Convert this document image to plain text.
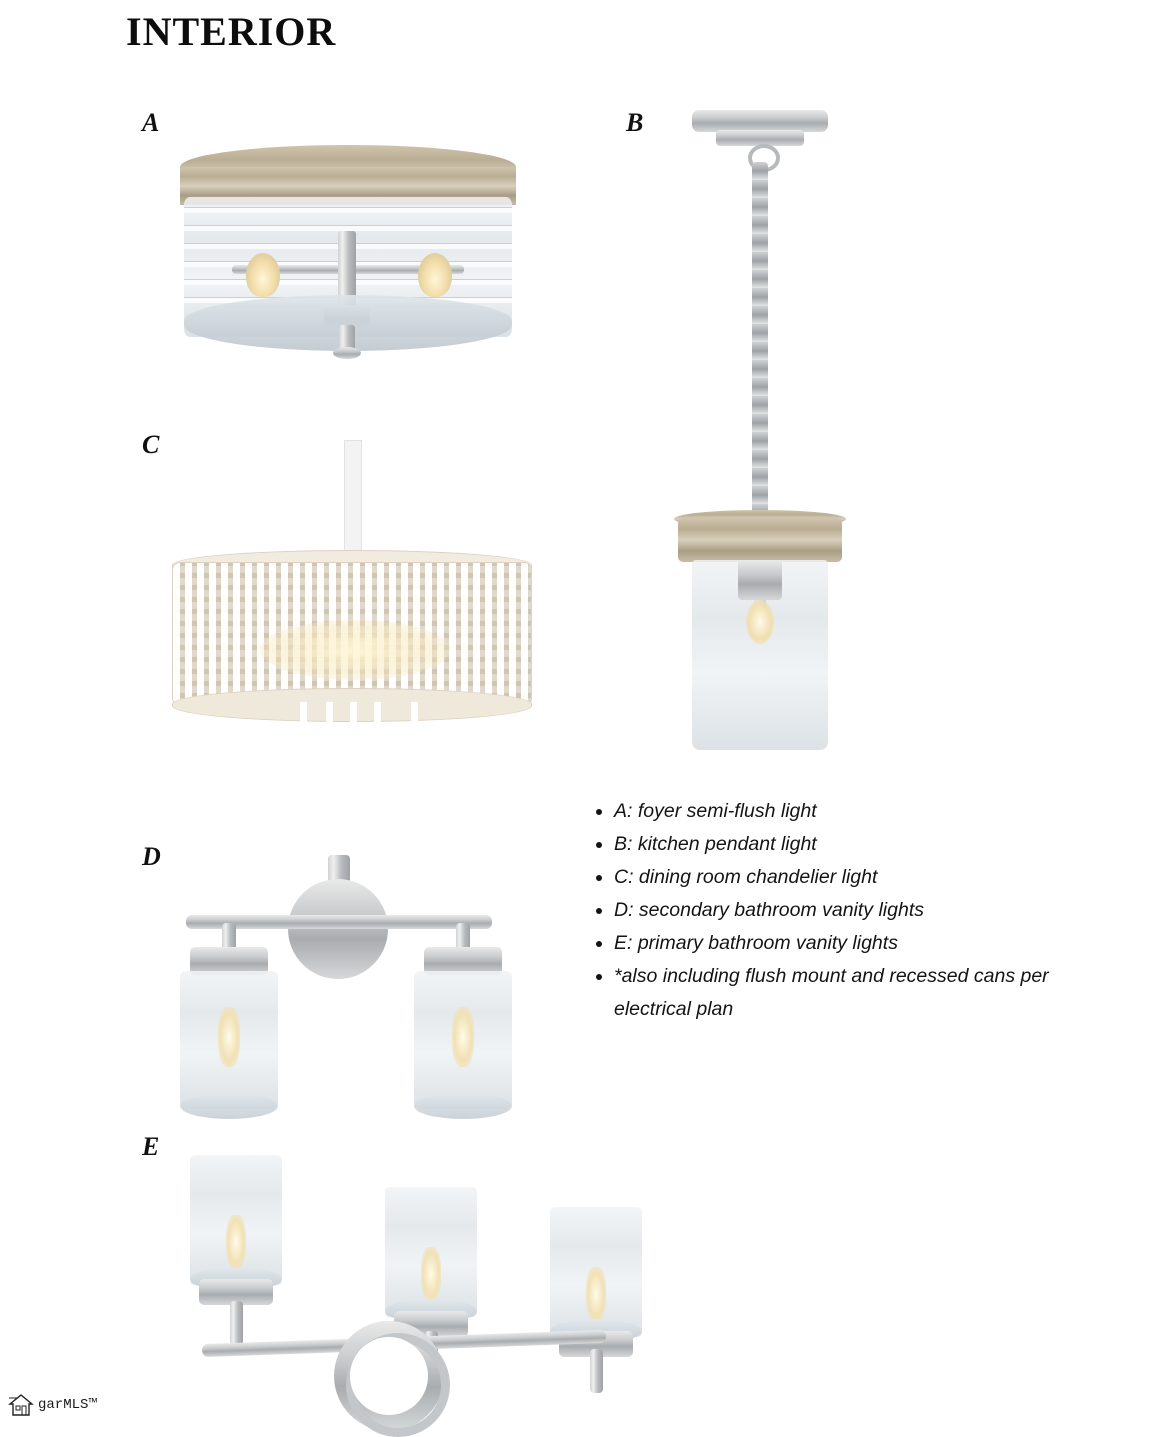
INTERIOR
A	B
C
D
E
• A: foyer semi-flush light
• B: kitchen pendant light
• C: dining room chandelier light
• D: secondary bathroom vanity lights
• E: primary bathroom vanity lights
• *also including flush mount and recessed cans per electrical plan
garMLS™
